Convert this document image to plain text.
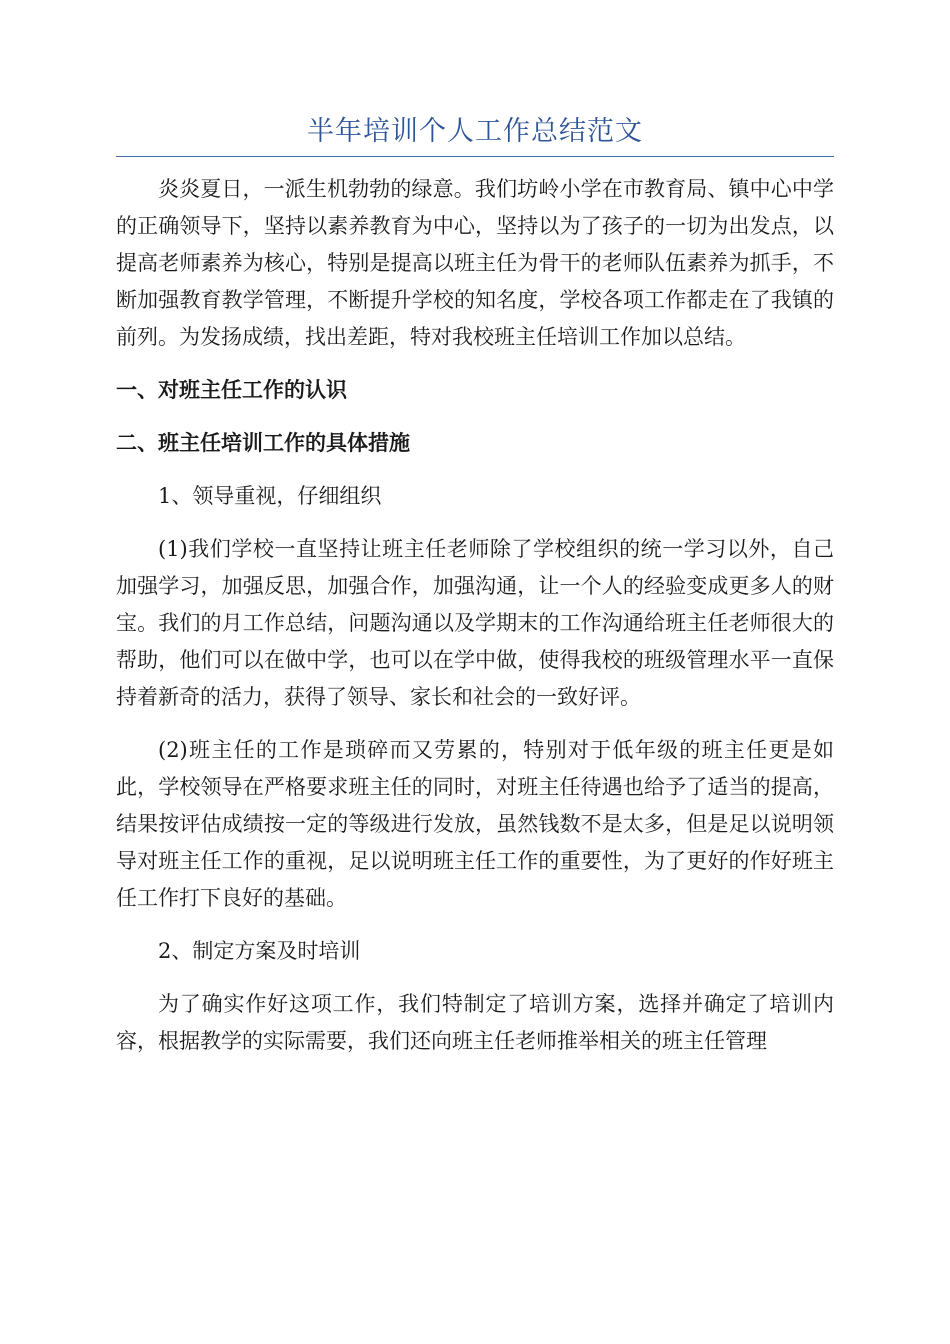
半年培训个人工作总结范文

炎炎夏日，一派生机勃勃的绿意。我们坊岭小学在市教育局、镇中心中学的正确领导下，坚持以素养教育为中心，坚持以为了孩子的一切为出发点，以提高老师素养为核心，特别是提高以班主任为骨干的老师队伍素养为抓手，不断加强教育教学管理，不断提升学校的知名度，学校各项工作都走在了我镇的前列。为发扬成绩，找出差距，特对我校班主任培训工作加以总结。

一、对班主任工作的认识

二、班主任培训工作的具体措施

1、领导重视，仔细组织

(1)我们学校一直坚持让班主任老师除了学校组织的统一学习以外，自己加强学习，加强反思，加强合作，加强沟通，让一个人的经验变成更多人的财宝。我们的月工作总结，问题沟通以及学期末的工作沟通给班主任老师很大的帮助，他们可以在做中学，也可以在学中做，使得我校的班级管理水平一直保持着新奇的活力，获得了领导、家长和社会的一致好评。

(2)班主任的工作是琐碎而又劳累的，特别对于低年级的班主任更是如此，学校领导在严格要求班主任的同时，对班主任待遇也给予了适当的提高，结果按评估成绩按一定的等级进行发放，虽然钱数不是太多，但是足以说明领导对班主任工作的重视，足以说明班主任工作的重要性，为了更好的作好班主任工作打下良好的基础。

2、制定方案及时培训

为了确实作好这项工作，我们特制定了培训方案，选择并确定了培训内容，根据教学的实际需要，我们还向班主任老师推举相关的班主任管理
